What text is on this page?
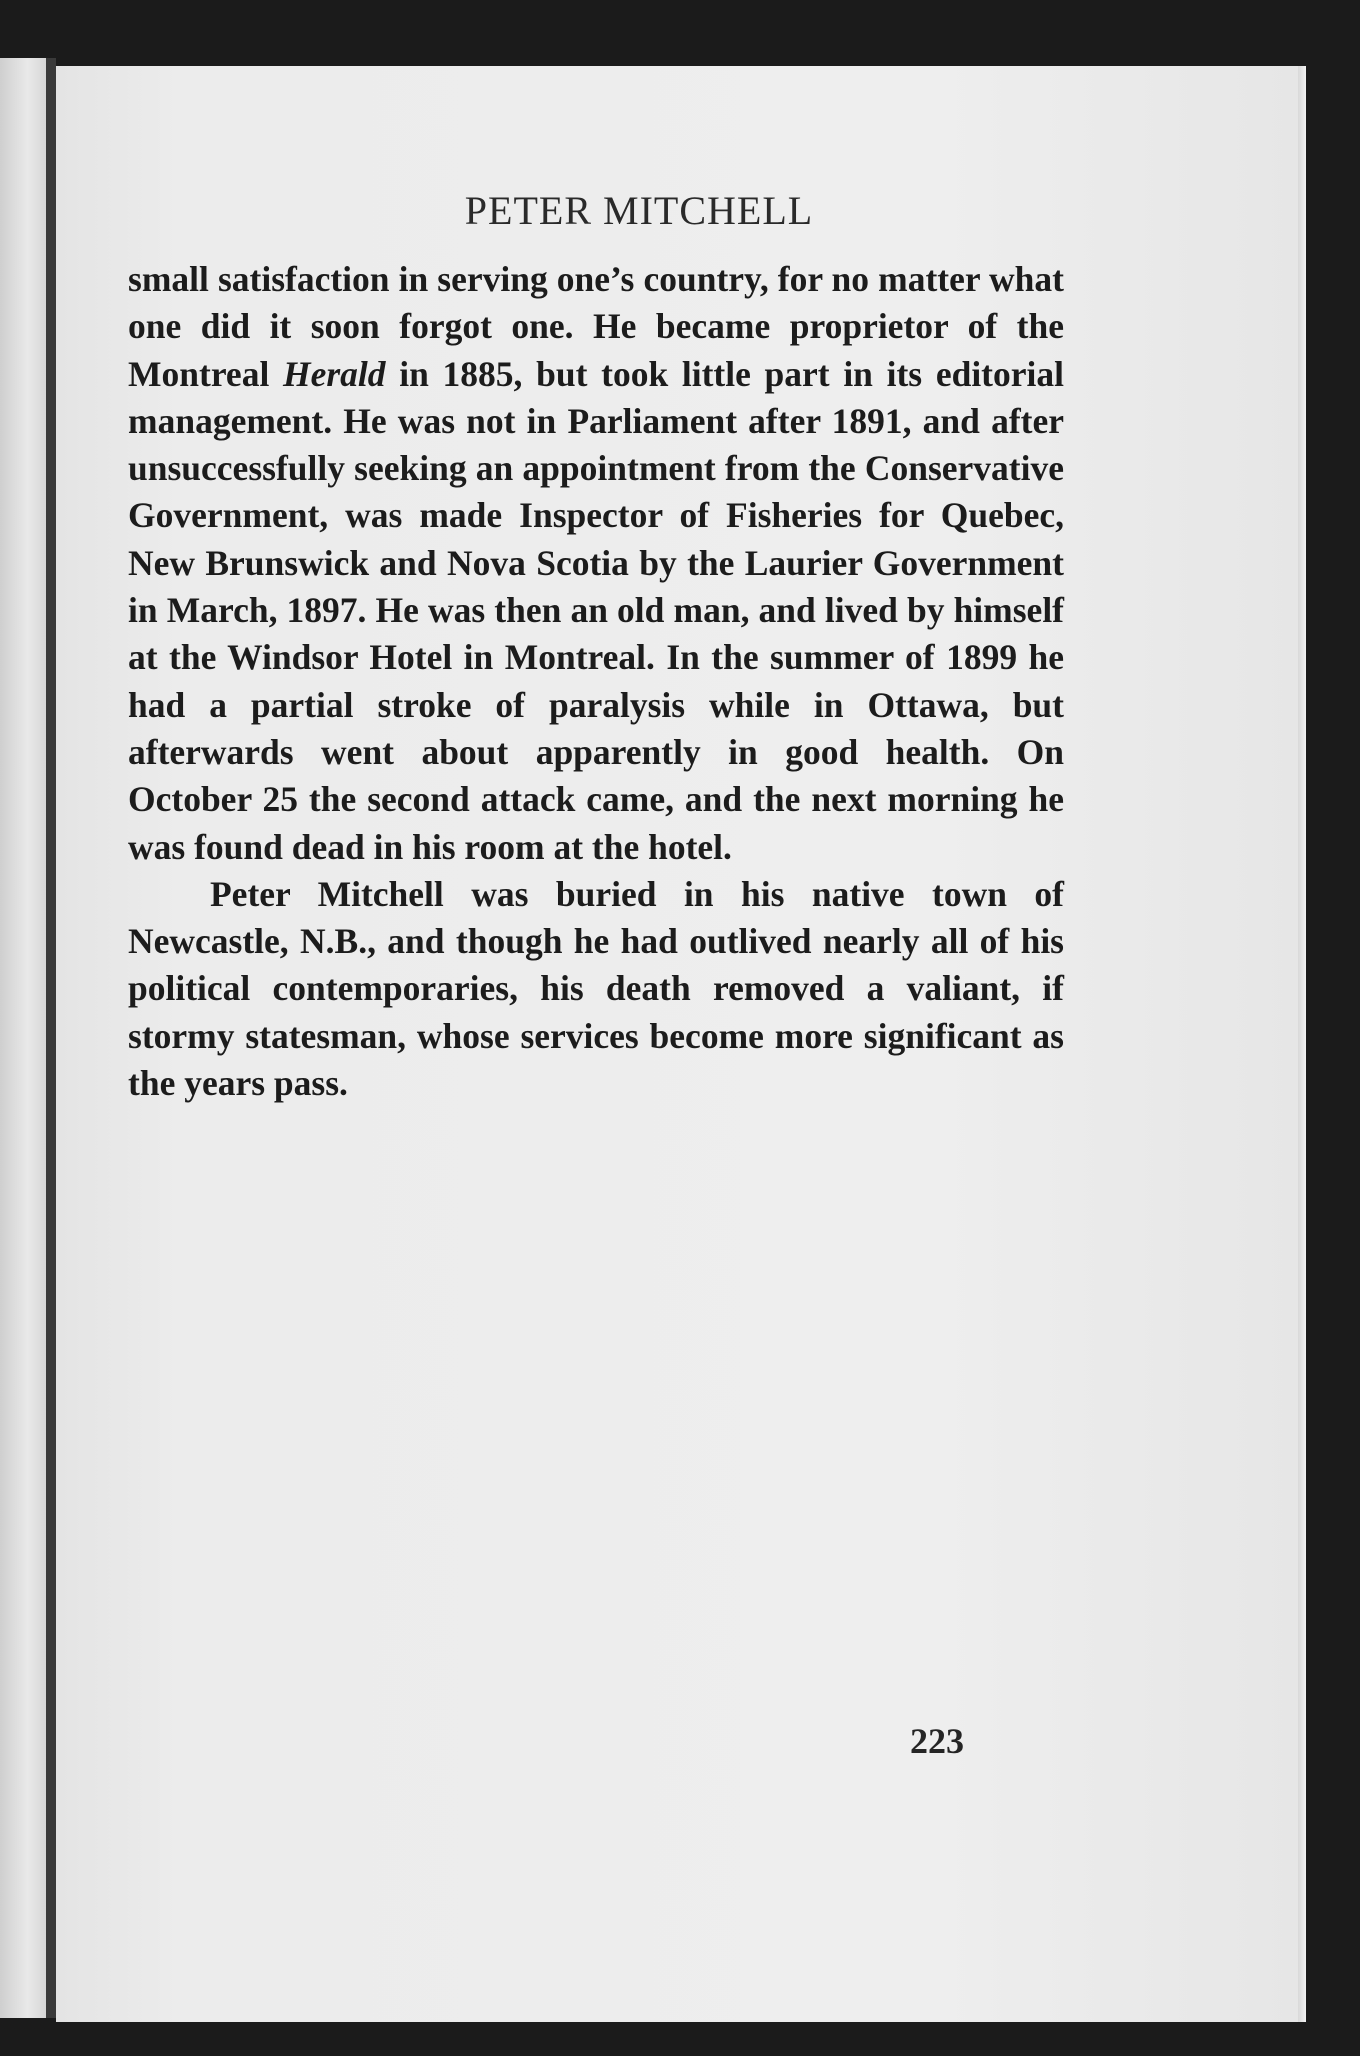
PETER MITCHELL

small satisfaction in serving one’s country, for no matter what one did it soon forgot one. He became proprietor of the Montreal Herald in 1885, but took little part in its editorial management. He was not in Parliament after 1891, and after unsuccessfully seeking an appointment from the Conservative Government, was made Inspector of Fisheries for Quebec, New Brunswick and Nova Scotia by the Laurier Government in March, 1897. He was then an old man, and lived by himself at the Windsor Hotel in Montreal. In the summer of 1899 he had a partial stroke of paralysis while in Ottawa, but afterwards went about apparently in good health. On October 25 the second attack came, and the next morning he was found dead in his room at the hotel.

Peter Mitchell was buried in his native town of Newcastle, N.B., and though he had outlived nearly all of his political contemporaries, his death removed a valiant, if stormy statesman, whose services become more significant as the years pass.

223
